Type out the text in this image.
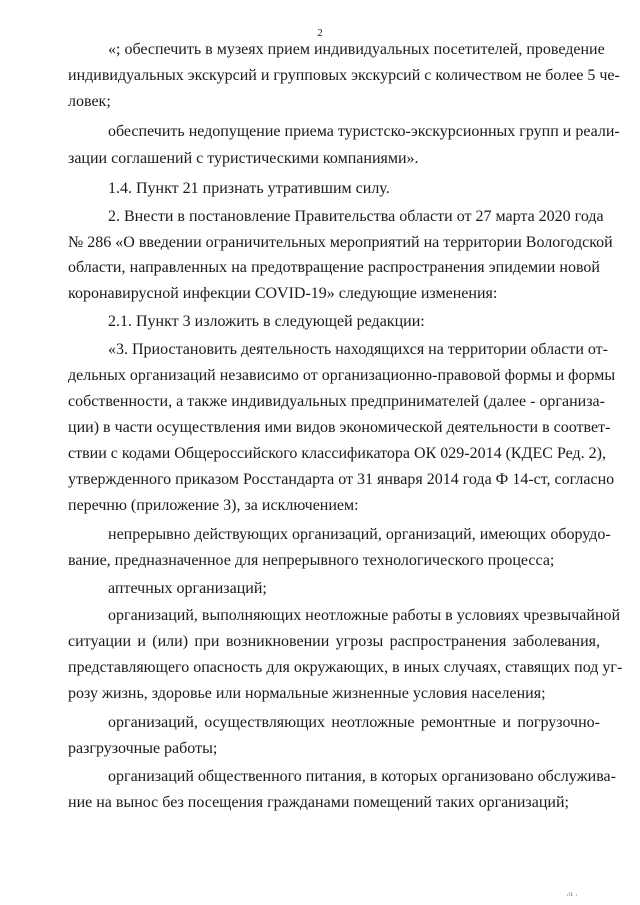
2
«; обеспечить в музеях прием индивидуальных посетителей, проведение
индивидуальных экскурсий и групповых экскурсий с количеством не более 5 че-
ловек;
обеспечить недопущение приема туристско-экскурсионных групп и реали-
зации соглашений с туристическими компаниями».
1.4. Пункт 21 признать утратившим силу.
2. Внести в постановление Правительства области от 27 марта 2020 года
№ 286 «О введении ограничительных мероприятий на территории Вологодской
области, направленных на предотвращение распространения эпидемии новой
коронавирусной инфекции COVID-19» следующие изменения:
2.1. Пункт 3 изложить в следующей редакции:
«3. Приостановить деятельность находящихся на территории области от-
дельных организаций независимо от организационно-правовой формы и формы
собственности, а также индивидуальных предпринимателей (далее - организа-
ции) в части осуществления ими видов экономической деятельности в соответ-
ствии с кодами Общероссийского классификатора ОК 029-2014 (КДЕС Ред. 2),
утвержденного приказом Росстандарта от 31 января 2014 года Ф 14-ст, согласно
перечню (приложение 3), за исключением:
непрерывно действующих организаций, организаций, имеющих оборудо-
вание, предназначенное для непрерывного технологического процесса;
аптечных организаций;
организаций, выполняющих неотложные работы в условиях чрезвычайной
ситуации и (или) при возникновении угрозы распространения заболевания,
представляющего опасность для окружающих, в иных случаях, ставящих под уг-
розу жизнь, здоровье или нормальные жизненные условия населения;
организаций, осуществляющих неотложные ремонтные и погрузочно-
разгрузочные работы;
организаций общественного питания, в которых организовано обслужива-
ние на вынос без посещения гражданами помещений таких организаций;
·⁽¹ ·
